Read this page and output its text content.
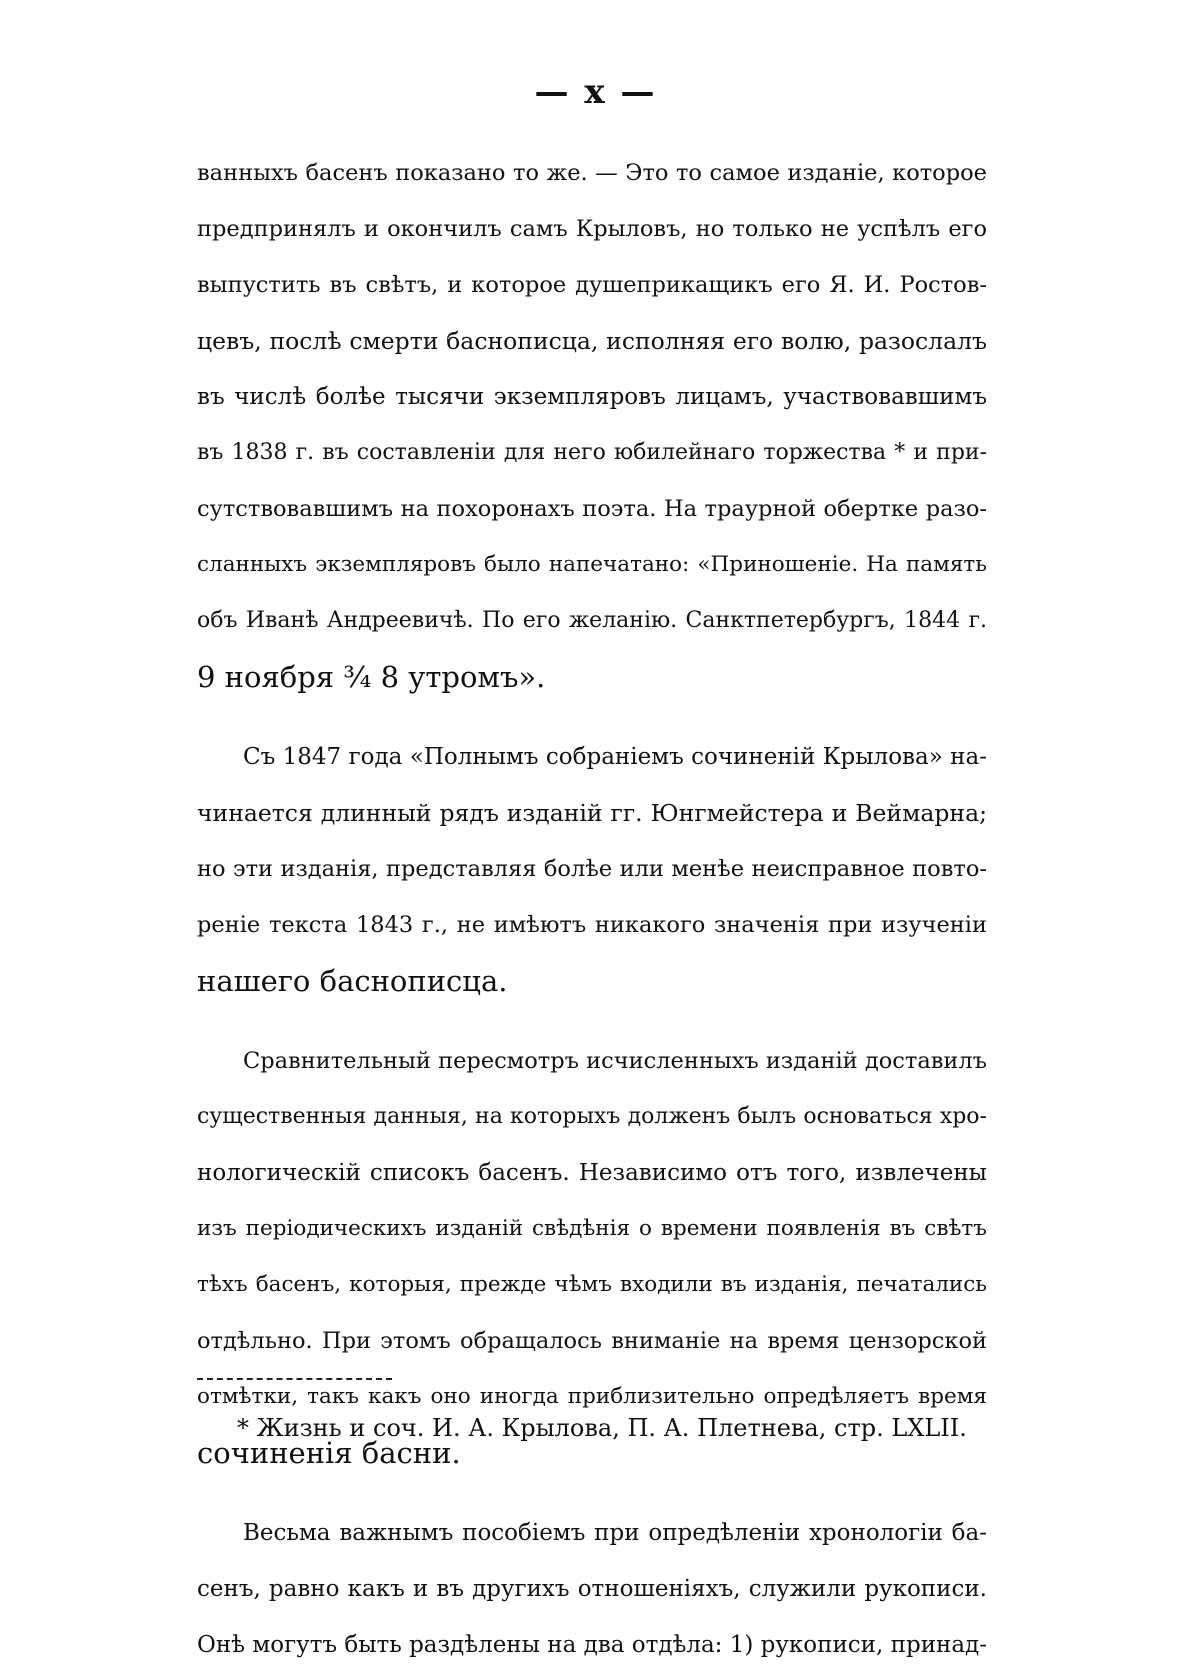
— x —
ванныхъ басенъ показано то же. — Это то самое изданіе, которое
предпринялъ и окончилъ самъ Крыловъ, но только не успѣлъ его
выпустить въ свѣтъ, и которое душеприкащикъ его Я. И. Ростов-
цевъ, послѣ смерти баснописца, исполняя его волю, разослалъ
въ числѣ болѣе тысячи экземпляровъ лицамъ, участвовавшимъ
въ 1838 г. въ составленіи для него юбилейнаго торжества * и при-
сутствовавшимъ на похоронахъ поэта. На траурной обертке разо-
сланныхъ экземпляровъ было напечатано: «Приношеніе. На память
объ Иванѣ Андреевичѣ. По его желанію. Санктпетербургъ, 1844 г.
9 ноября ¾ 8 утромъ».
Съ 1847 года «Полнымъ собраніемъ сочиненій Крылова» на-
чинается длинный рядъ изданій гг. Юнгмейстера и Веймарна;
но эти изданія, представляя болѣе или менѣе неисправное повто-
реніе текста 1843 г., не имѣютъ никакого значенія при изученіи
нашего баснописца.
Сравнительный пересмотръ исчисленныхъ изданій доставилъ
существенныя данныя, на которыхъ долженъ былъ основаться хро-
нологическій списокъ басенъ. Независимо отъ того, извлечены
изъ періодическихъ изданій свѣдѣнія о времени появленія въ свѣтъ
тѣхъ басенъ, которыя, прежде чѣмъ входили въ изданія, печатались
отдѣльно. При этомъ обращалось вниманіе на время цензорской
отмѣтки, такъ какъ оно иногда приблизительно опредѣляетъ время
сочиненія басни.
Весьма важнымъ пособіемъ при опредѣленіи хронологіи ба-
сенъ, равно какъ и въ другихъ отношеніяхъ, служили рукописи.
Онѣ могутъ быть раздѣлены на два отдѣла: 1) рукописи, принад-
* Жизнь и соч. И. А. Крылова, П. А. Плетнева, стр. LXLII.
